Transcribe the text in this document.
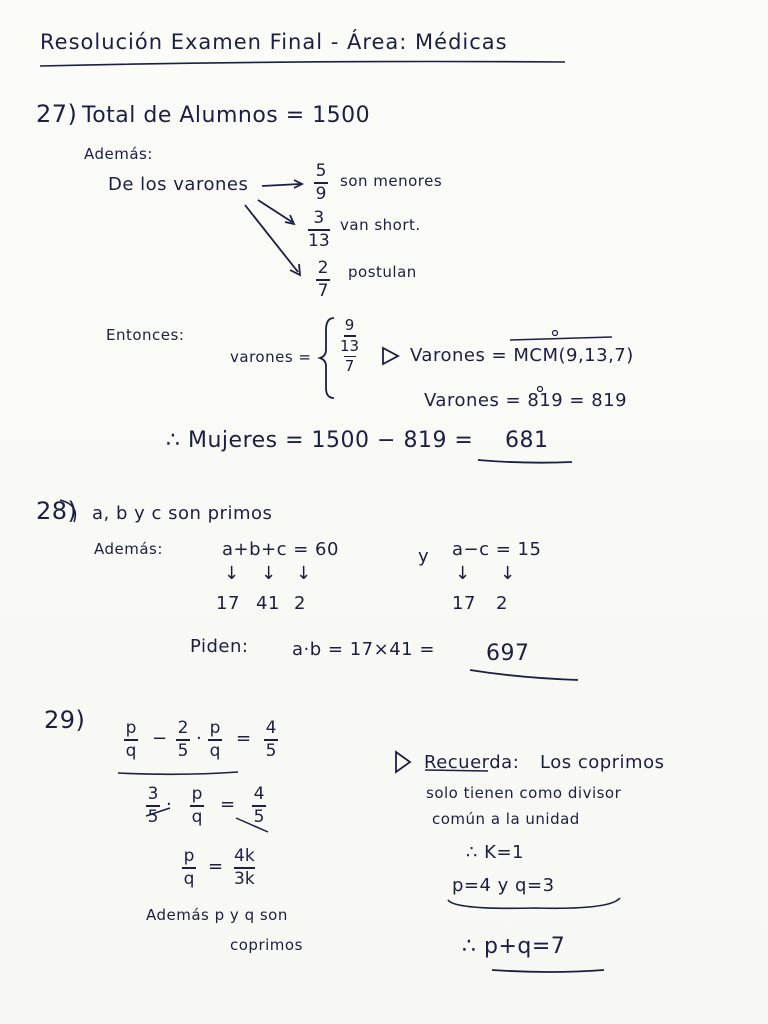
Resolución Examen Final - Área: Médicas
27) Total de Alumnos = 1500
Además:
De los varones
5
9
son menores
3
13
van short.
2
7
postulan
Entonces:
varones =
9
13
7	Varones = MCM(9,13,7)
Varones = 819 = 819
∴ Mujeres = 1500 − 819 = 681
28) a, b y c son primos
Además:	a+b+c = 60	y a−c = 15
↓ ↓ ↓	↓ ↓
17 41 2	17 2
Piden: a·b = 17×41 = 697
29) p
q
− 2
5
· p
q
= 4
5
3
5
· p
q
= 4
5
p
q
= 4k
3k
Además p y q son
coprimos
Recuerda: Los coprimos
solo tienen como divisor
común a la unidad
∴ K=1
p=4 y q=3
∴ p+q=7
